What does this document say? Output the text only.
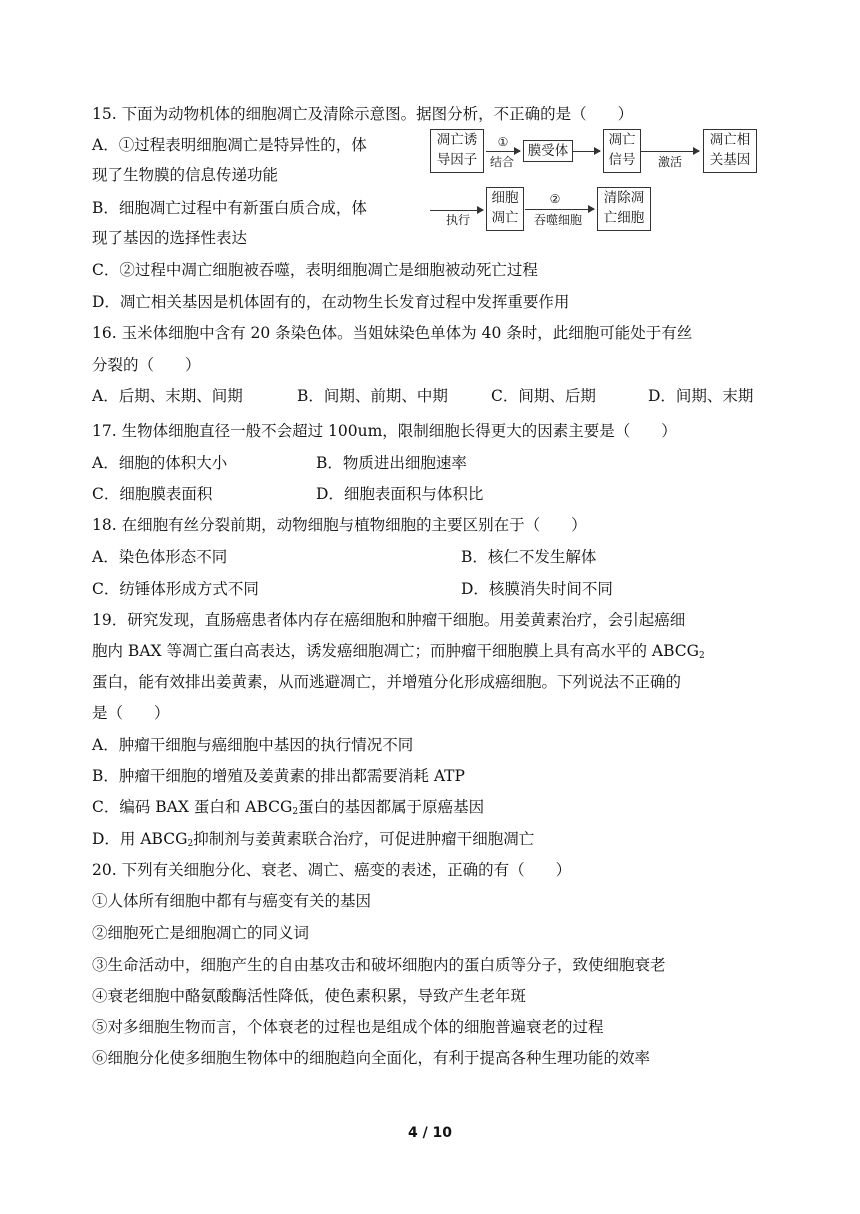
15. 下面为动物机体的细胞凋亡及清除示意图。据图分析，不正确的是（　　）
A．①过程表明细胞凋亡是特异性的，体
现了生物膜的信息传递功能
B．细胞凋亡过程中有新蛋白质合成，体
现了基因的选择性表达
C．②过程中凋亡细胞被吞噬，表明细胞凋亡是细胞被动死亡过程
D．凋亡相关基因是机体固有的，在动物生长发育过程中发挥重要作用
凋亡诱
导因子
①
结合
膜受体
凋亡
信号	激活
凋亡相
关基因
执行
细胞
凋亡
②
吞噬细胞
清除凋
亡细胞
16. 玉米体细胞中含有 20 条染色体。当姐妹染色单体为 40 条时，此细胞可能处于有丝
分裂的（　　）
A．后期、末期、间期	B．间期、前期、中期	C．间期、后期	D．间期、末期
17. 生物体细胞直径一般不会超过 100um，限制细胞长得更大的因素主要是（　　）
A．细胞的体积大小	B．物质进出细胞速率
C．细胞膜表面积	D．细胞表面积与体积比
18. 在细胞有丝分裂前期，动物细胞与植物细胞的主要区别在于（　　）
A．染色体形态不同	B．核仁不发生解体
C．纺锤体形成方式不同	D．核膜消失时间不同
19．研究发现，直肠癌患者体内存在癌细胞和肿瘤干细胞。用姜黄素治疗，会引起癌细
胞内 BAX 等凋亡蛋白高表达，诱发癌细胞凋亡；而肿瘤干细胞膜上具有高水平的 $ABCG_2$
蛋白，能有效排出姜黄素，从而逃避凋亡，并增殖分化形成癌细胞。下列说法不正确的
是（　　）
A．肿瘤干细胞与癌细胞中基因的执行情况不同
B．肿瘤干细胞的增殖及姜黄素的排出都需要消耗 ATP
C．编码 BAX 蛋白和 $ABCG_2$蛋白的基因都属于原癌基因
D．用 $ABCG_2$抑制剂与姜黄素联合治疗，可促进肿瘤干细胞凋亡
20. 下列有关细胞分化、衰老、凋亡、癌变的表述，正确的有（　　）
①人体所有细胞中都有与癌变有关的基因
②细胞死亡是细胞凋亡的同义词
③生命活动中，细胞产生的自由基攻击和破坏细胞内的蛋白质等分子，致使细胞衰老
④衰老细胞中酪氨酸酶活性降低，使色素积累，导致产生老年斑
⑤对多细胞生物而言，个体衰老的过程也是组成个体的细胞普遍衰老的过程
⑥细胞分化使多细胞生物体中的细胞趋向全面化，有利于提高各种生理功能的效率
4 / 10
